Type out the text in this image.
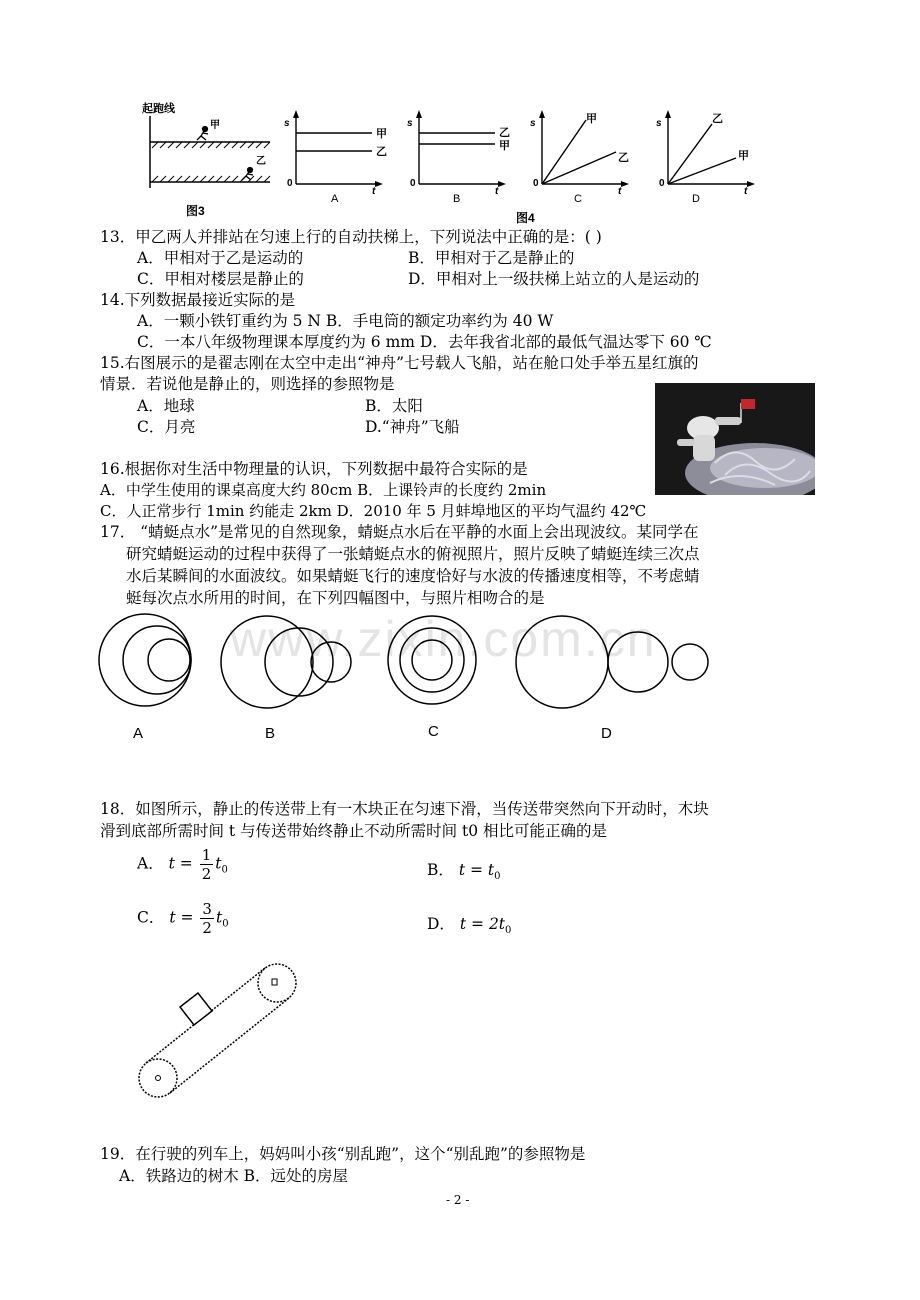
起跑线
甲
乙
图3
s
0
t
甲
乙
A
s
0
t
乙
甲
B
s
0
t
甲
乙
C
s
0
t
乙
甲
D
图4
13．甲乙两人并排站在匀速上行的自动扶梯上，下列说法中正确的是：( )
A．甲相对于乙是运动的	B．甲相对于乙是静止的
C．甲相对楼层是静止的	D．甲相对上一级扶梯上站立的人是运动的
14.下列数据最接近实际的是
A．一颗小铁钉重约为 5 N B．手电筒的额定功率约为 40 W
C．一本八年级物理课本厚度约为 6 mm D．去年我省北部的最低气温达零下 60 ℃
15.右图展示的是翟志刚在太空中走出“神舟”七号载人飞船，站在舱口处手举五星红旗的
情景．若说他是静止的，则选择的参照物是
A．地球	B．太阳
C．月亮	D.“神舟”飞船
16.根据你对生活中物理量的认识，下列数据中最符合实际的是
A．中学生使用的课桌高度大约 80cm B．上课铃声的长度约 2min
C．人正常步行 1min 约能走 2km D．2010 年 5 月蚌埠地区的平均气温约 42℃
17． “蜻蜓点水”是常见的自然现象，蜻蜓点水后在平静的水面上会出现波纹。某同学在
研究蜻蜓运动的过程中获得了一张蜻蜓点水的俯视照片，照片反映了蜻蜓连续三次点
水后某瞬间的水面波纹。如果蜻蜓飞行的速度恰好与水波的传播速度相等，不考虑蜻
蜓每次点水所用的时间，在下列四幅图中，与照片相吻合的是
www.zixin.com.cn
A	B	C	D
18．如图所示，静止的传送带上有一木块正在匀速下滑，当传送带突然向下开动时，木块
滑到底部所需时间 t 与传送带始终静止不动所需时间 t0 相比可能正确的是
A． $t = \frac{1}{2} t_0$	B． $t = t_0$
C． $t = \frac{3}{2} t_0$	D． $t = 2t_0$
19．在行驶的列车上，妈妈叫小孩“别乱跑”，这个“别乱跑”的参照物是
A．铁路边的树木 B．远处的房屋
- 2 -
